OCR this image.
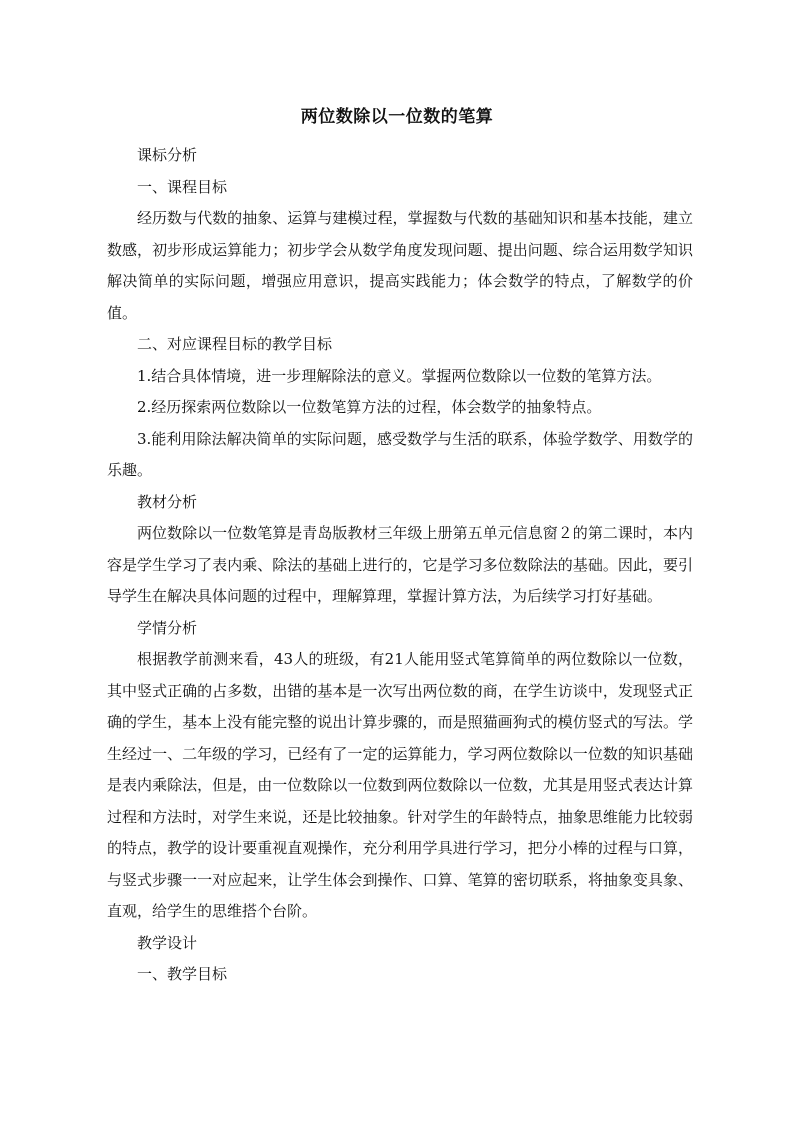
两位数除以一位数的笔算

课标分析

一、课程目标

经历数与代数的抽象、运算与建模过程，掌握数与代数的基础知识和基本技能，建立数感，初步形成运算能力；初步学会从数学角度发现问题、提出问题、综合运用数学知识解决简单的实际问题，增强应用意识，提高实践能力；体会数学的特点，了解数学的价值。

二、对应课程目标的教学目标

1.结合具体情境，进一步理解除法的意义。掌握两位数除以一位数的笔算方法。

2.经历探索两位数除以一位数笔算方法的过程，体会数学的抽象特点。

3.能利用除法解决简单的实际问题，感受数学与生活的联系，体验学数学、用数学的乐趣。

教材分析

两位数除以一位数笔算是青岛版教材三年级上册第五单元信息窗２的第二课时，本内容是学生学习了表内乘、除法的基础上进行的，它是学习多位数除法的基础。因此，要引导学生在解决具体问题的过程中，理解算理，掌握计算方法，为后续学习打好基础。

学情分析

根据教学前测来看，43人的班级，有21人能用竖式笔算简单的两位数除以一位数，其中竖式正确的占多数，出错的基本是一次写出两位数的商，在学生访谈中，发现竖式正确的学生，基本上没有能完整的说出计算步骤的，而是照猫画狗式的模仿竖式的写法。学生经过一、二年级的学习，已经有了一定的运算能力，学习两位数除以一位数的知识基础是表内乘除法，但是，由一位数除以一位数到两位数除以一位数，尤其是用竖式表达计算过程和方法时，对学生来说，还是比较抽象。针对学生的年龄特点，抽象思维能力比较弱的特点，教学的设计要重视直观操作，充分利用学具进行学习，把分小棒的过程与口算，与竖式步骤一一对应起来，让学生体会到操作、口算、笔算的密切联系，将抽象变具象、直观，给学生的思维搭个台阶。

教学设计

一、教学目标
